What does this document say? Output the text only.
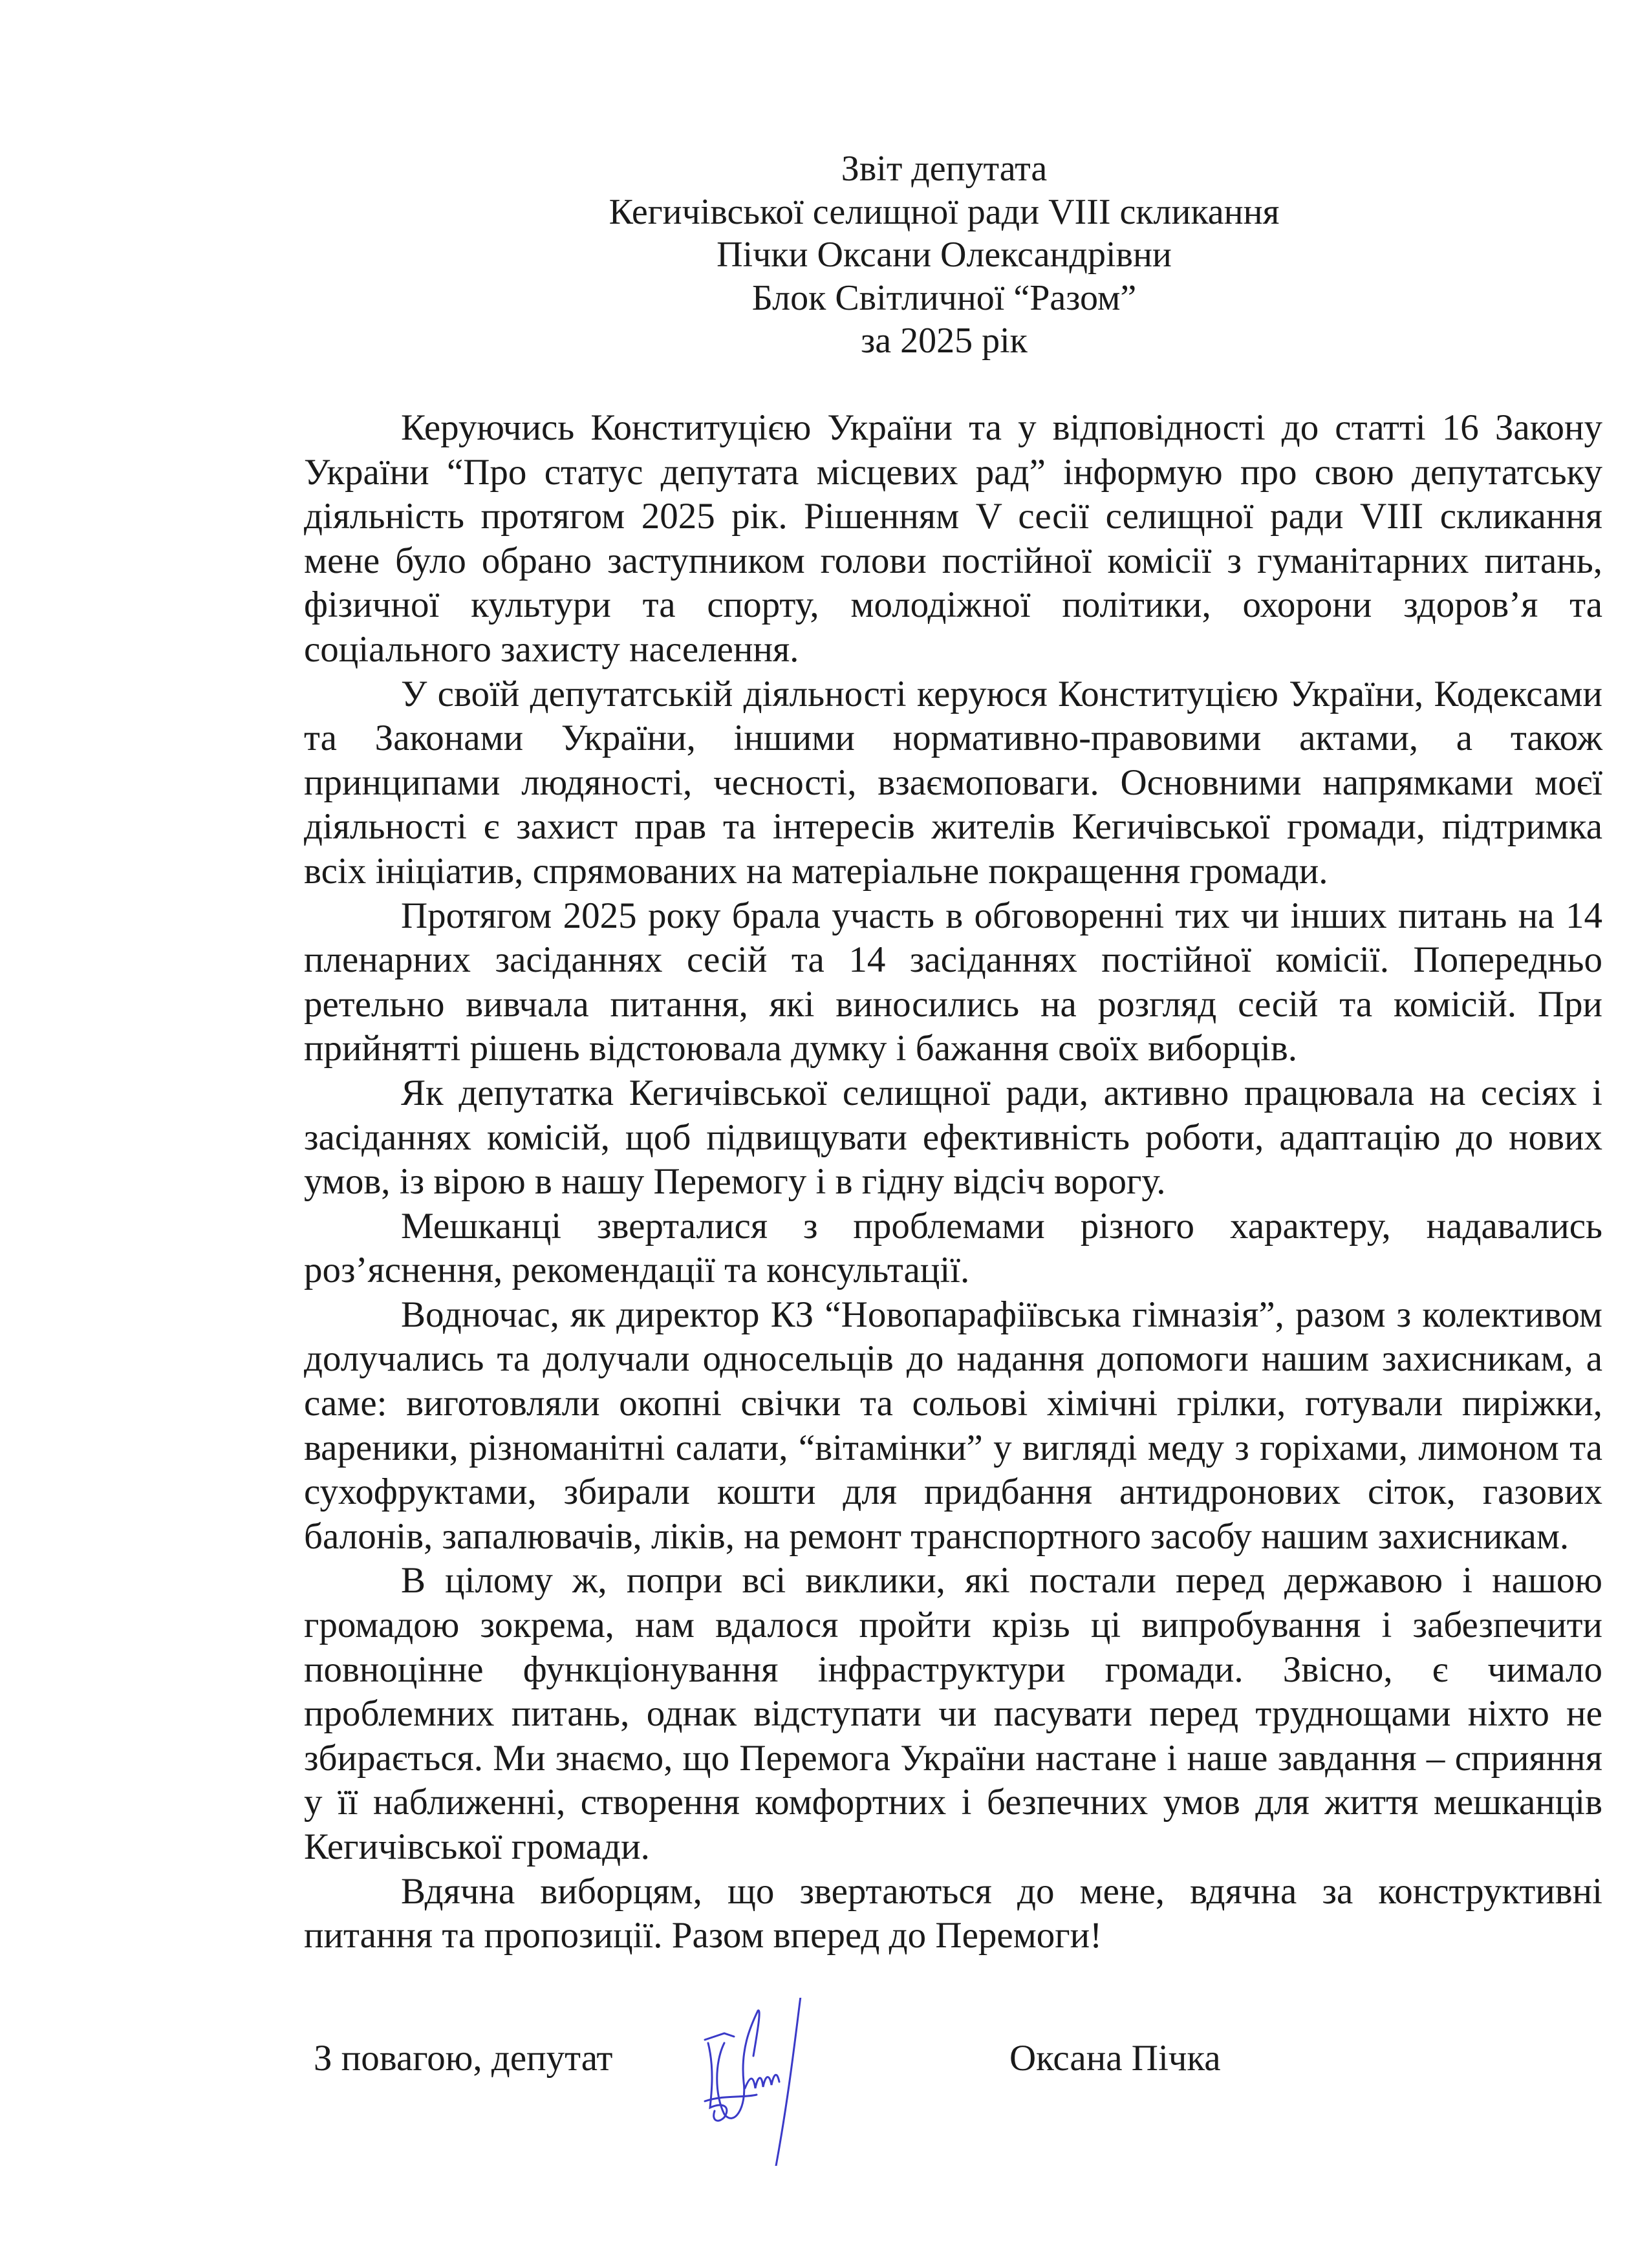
Звіт депутата
Кегичівської селищної ради VIII скликання
Пічки Оксани Олександрівни
Блок Світличної “Разом”
за 2025 рік

Керуючись Конституцією України та у відповідності до статті 16 Закону України “Про статус депутата місцевих рад” інформую про свою депутатську діяльність протягом 2025 рік. Рішенням V сесії селищної ради VIII скликання мене було обрано заступником голови постійної комісії з гуманітарних питань, фізичної культури та спорту, молодіжної політики, охорони здоров’я та соціального захисту населення.

У своїй депутатській діяльності керуюся Конституцією України, Кодексами та Законами України, іншими нормативно-правовими актами, а також принципами людяності, чесності, взаємоповаги. Основними напрямками моєї діяльності є захист прав та інтересів жителів Кегичівської громади, підтримка всіх ініціатив, спрямованих на матеріальне покращення громади.

Протягом 2025 року брала участь в обговоренні тих чи інших питань на 14 пленарних засіданнях сесій та 14 засіданнях постійної комісії. Попередньо ретельно вивчала питання, які виносились на розгляд сесій та комісій. При прийнятті рішень відстоювала думку і бажання своїх виборців.

Як депутатка Кегичівської селищної ради, активно працювала на сесіях і засіданнях комісій, щоб підвищувати ефективність роботи, адаптацію до нових умов, із вірою в нашу Перемогу і в гідну відсіч ворогу.

Мешканці зверталися з проблемами різного характеру, надавались роз’яснення, рекомендації та консультації.

Водночас, як директор КЗ “Новопарафіївська гімназія”, разом з колективом долучались та долучали односельців до надання допомоги нашим захисникам, а саме: виготовляли окопні свічки та сольові хімічні грілки, готували пиріжки, вареники, різноманітні салати, “вітамінки” у вигляді меду з горіхами, лимоном та сухофруктами, збирали кошти для придбання антидронових сіток, газових балонів, запалювачів, ліків, на ремонт транспортного засобу нашим захисникам.

В цілому ж, попри всі виклики, які постали перед державою і нашою громадою зокрема, нам вдалося пройти крізь ці випробування і забезпечити повноцінне функціонування інфраструктури громади. Звісно, є чимало проблемних питань, однак відступати чи пасувати перед труднощами ніхто не збирається. Ми знаємо, що Перемога України настане і наше завдання – сприяння у її наближенні, створення комфортних і безпечних умов для життя мешканців Кегичівської громади.

Вдячна виборцям, що звертаються до мене, вдячна за конструктивні питання та пропозиції. Разом вперед до Перемоги!

З повагою, депутат	Оксана Пічка
